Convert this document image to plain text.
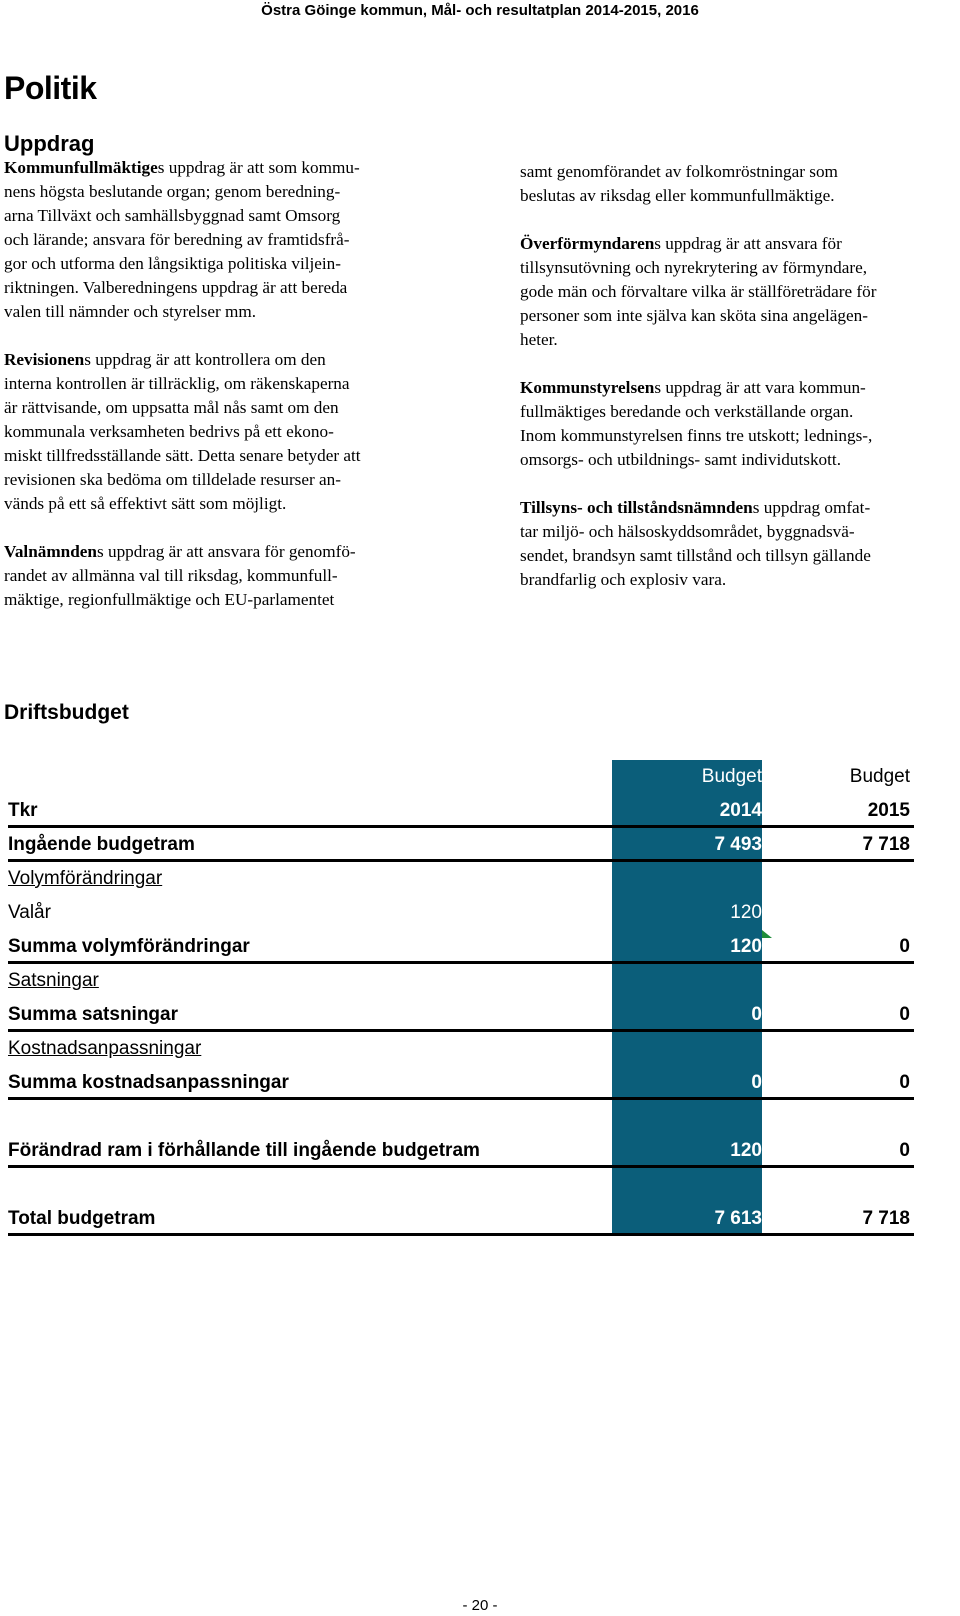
Östra Göinge kommun, Mål- och resultatplan 2014-2015, 2016
Politik
Uppdrag

Kommunfullmäktiges uppdrag är att som kommu-
nens högsta beslutande organ; genom beredning-
arna Tillväxt och samhällsbyggnad samt Omsorg
och lärande; ansvara för beredning av framtidsfrå-
gor och utforma den långsiktiga politiska viljein-
riktningen. Valberedningens uppdrag är att bereda
valen till nämnder och styrelser mm.

Revisionens uppdrag är att kontrollera om den
interna kontrollen är tillräcklig, om räkenskaperna
är rättvisande, om uppsatta mål nås samt om den
kommunala verksamheten bedrivs på ett ekono-
miskt tillfredsställande sätt. Detta senare betyder att
revisionen ska bedöma om tilldelade resurser an-
vänds på ett så effektivt sätt som möjligt.

Valnämndens uppdrag är att ansvara för genomfö-
randet av allmänna val till riksdag, kommunfull-
mäktige, regionfullmäktige och EU-parlamentet

samt genomförandet av folkomröstningar som
beslutas av riksdag eller kommunfullmäktige.

Överförmyndarens uppdrag är att ansvara för
tillsynsutövning och nyrekrytering av förmyndare,
gode män och förvaltare vilka är ställföreträdare för
personer som inte själva kan sköta sina angelägen-
heter.

Kommunstyrelsens uppdrag är att vara kommun-
fullmäktiges beredande och verkställande organ.
Inom kommunstyrelsen finns tre utskott; lednings-,
omsorgs- och utbildnings- samt individutskott.

Tillsyns- och tillståndsnämndens uppdrag omfat-
tar miljö- och hälsoskyddsområdet, byggnadsvä-
sendet, brandsyn samt tillstånd och tillsyn gällande
brandfarlig och explosiv vara.

Driftsbudget
Budget	Budget
Tkr	2014	2015
Ingående budgetram	7 493	7 718
Volymförändringar
Valår	120
Summa volymförändringar	120	0
Satsningar
Summa satsningar	0	0
Kostnadsanpassningar
Summa kostnadsanpassningar	0	0
Förändrad ram i förhållande till ingående budgetram	120	0
Total budgetram	7 613	7 718
- 20 -
